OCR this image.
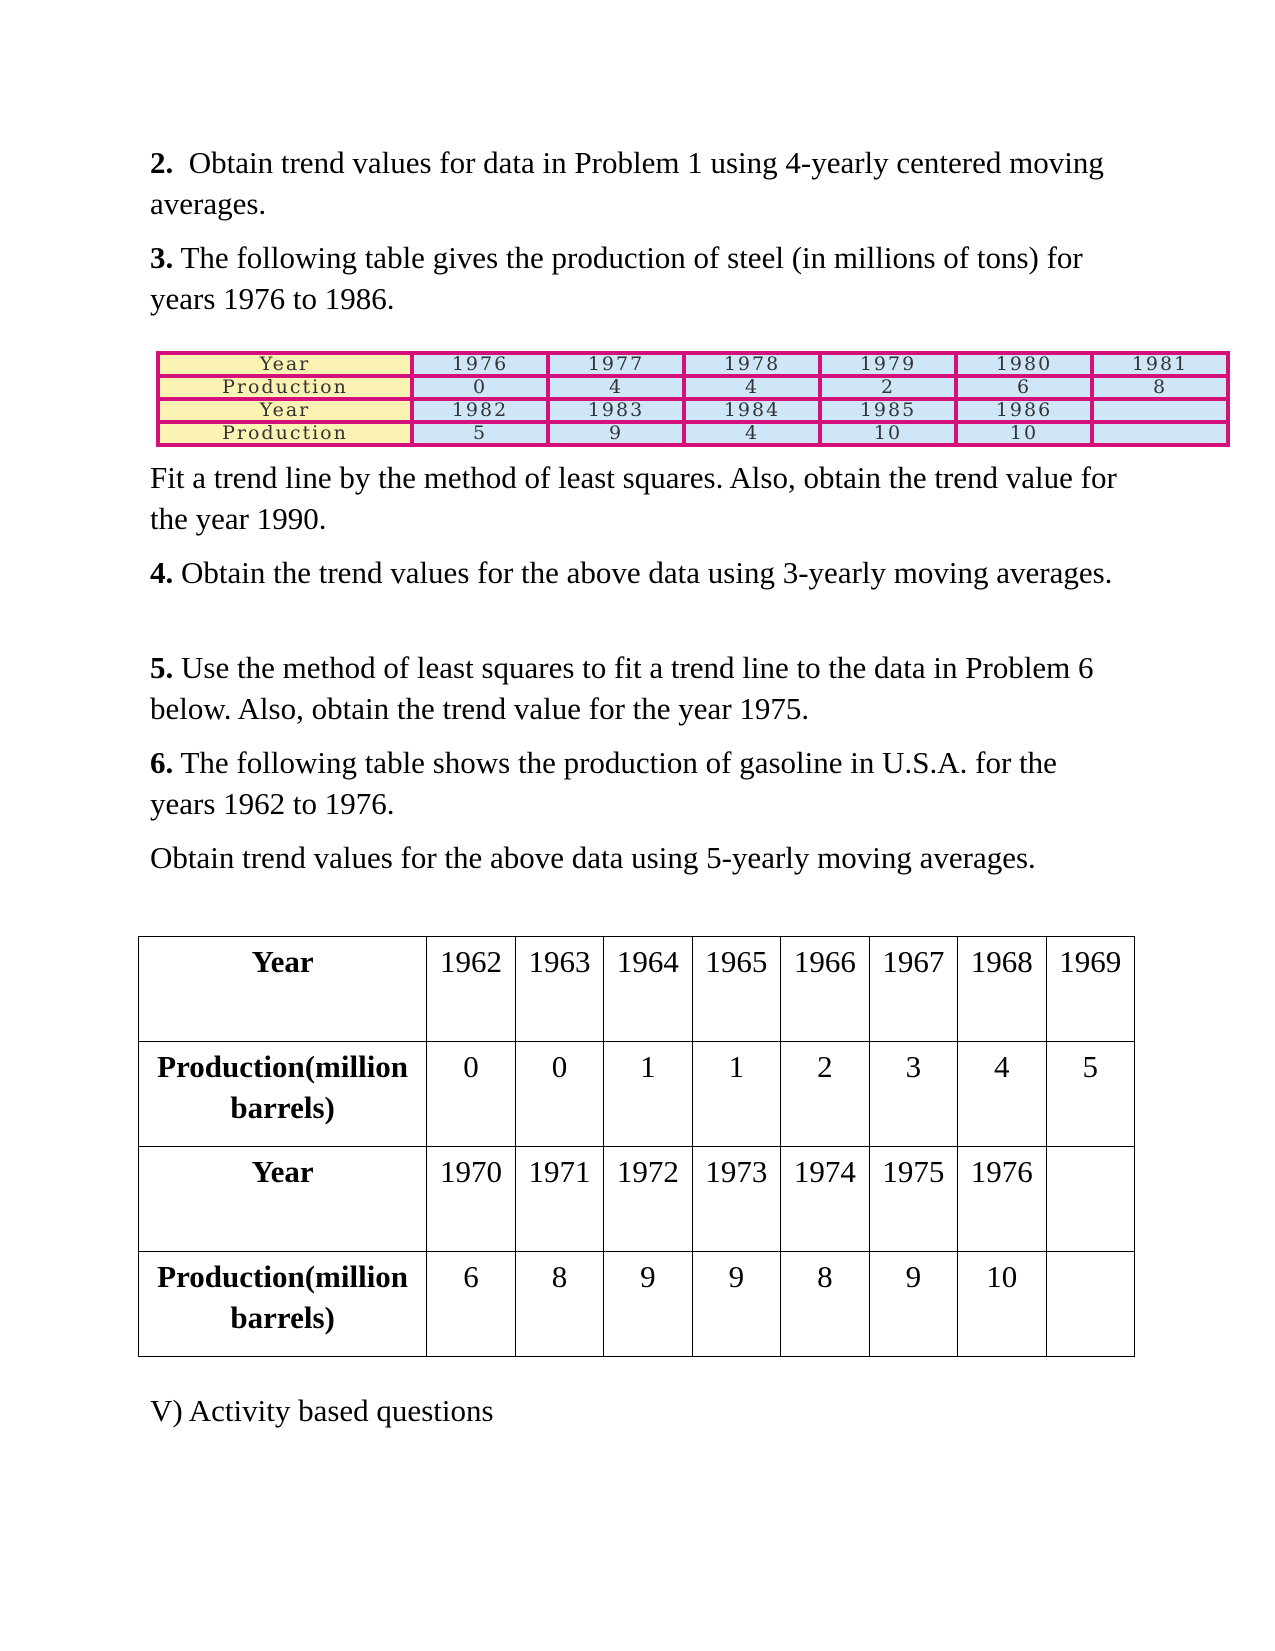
2. Obtain trend values for data in Problem 1 using 4-yearly centered moving averages.

3. The following table gives the production of steel (in millions of tons) for years 1976 to 1986.

Year	1976	1977	1978	1979	1980	1981
Production	0	4	4	2	6	8
Year	1982	1983	1984	1985	1986	
Production	5	9	4	10	10	

Fit a trend line by the method of least squares. Also, obtain the trend value for the year 1990.

4. Obtain the trend values for the above data using 3-yearly moving averages.

5. Use the method of least squares to fit a trend line to the data in Problem 6 below. Also, obtain the trend value for the year 1975.

6. The following table shows the production of gasoline in U.S.A. for the years 1962 to 1976.

Obtain trend values for the above data using 5-yearly moving averages.

Year	1962	1963	1964	1965	1966	1967	1968	1969
Production(million barrels)	0	0	1	1	2	3	4	5
Year	1970	1971	1972	1973	1974	1975	1976	
Production(million barrels)	6	8	9	9	8	9	10	

V) Activity based questions
